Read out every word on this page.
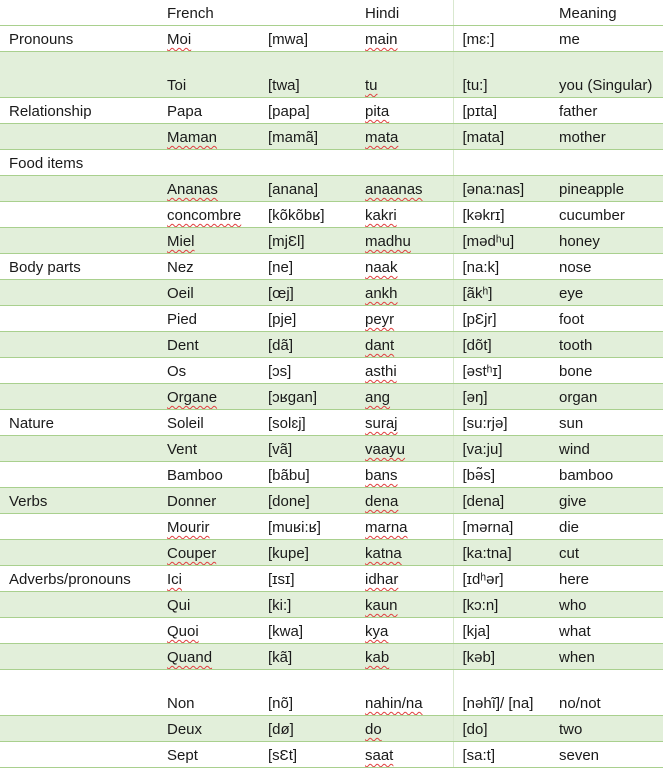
	French		Hindi		Meaning
Pronouns	Moi	[mwa]	main	[mɛ:]	me
	Toi	[twa]	tu	[tu:]	you (Singular)
Relationship	Papa	[papa]	pita	[pɪta]	father
	Maman	[mamã]	mata	[mata]	mother
Food items					
	Ananas	[anana]	anaanas	[əna:nas]	pineapple
	concombre	[kõkõbʁ]	kakri	[kəkrɪ]	cucumber
	Miel	[mjƐl]	madhu	[mədʰu]	honey
Body parts	Nez	[ne]	naak	[na:k]	nose
	Oeil	[œj]	ankh	[ãkʰ]	eye
	Pied	[pje]	peyr	[pƐjr]	foot
	Dent	[dã]	dant	[dõt]	tooth
	Os	[ɔs]	asthi	[əstʰɪ]	bone
	Organe	[ɔʁgan]	ang	[əŋ]	organ
Nature	Soleil	[solɛj]	suraj	[su:rjə]	sun
	Vent	[vã]	vaayu	[va:ju]	wind
	Bamboo	[bãbu]	bans	[bə̃s]	bamboo
Verbs	Donner	[done]	dena	[dena]	give
	Mourir	[muʁi:ʁ]	marna	[mərna]	die
	Couper	[kupe]	katna	[ka:tna]	cut
Adverbs/pronouns	Ici	[ɪsɪ]	idhar	[ɪdʰər]	here
	Qui	[ki:]	kaun	[kɔ:n]	who
	Quoi	[kwa]	kya	[kja]	what
	Quand	[kã]	kab	[kəb]	when
	Non	[nõ]	nahin/na	[nəhĩ]/ [na]	no/not
	Deux	[dø]	do	[do]	two
	Sept	[sƐt]	saat	[sa:t]	seven
